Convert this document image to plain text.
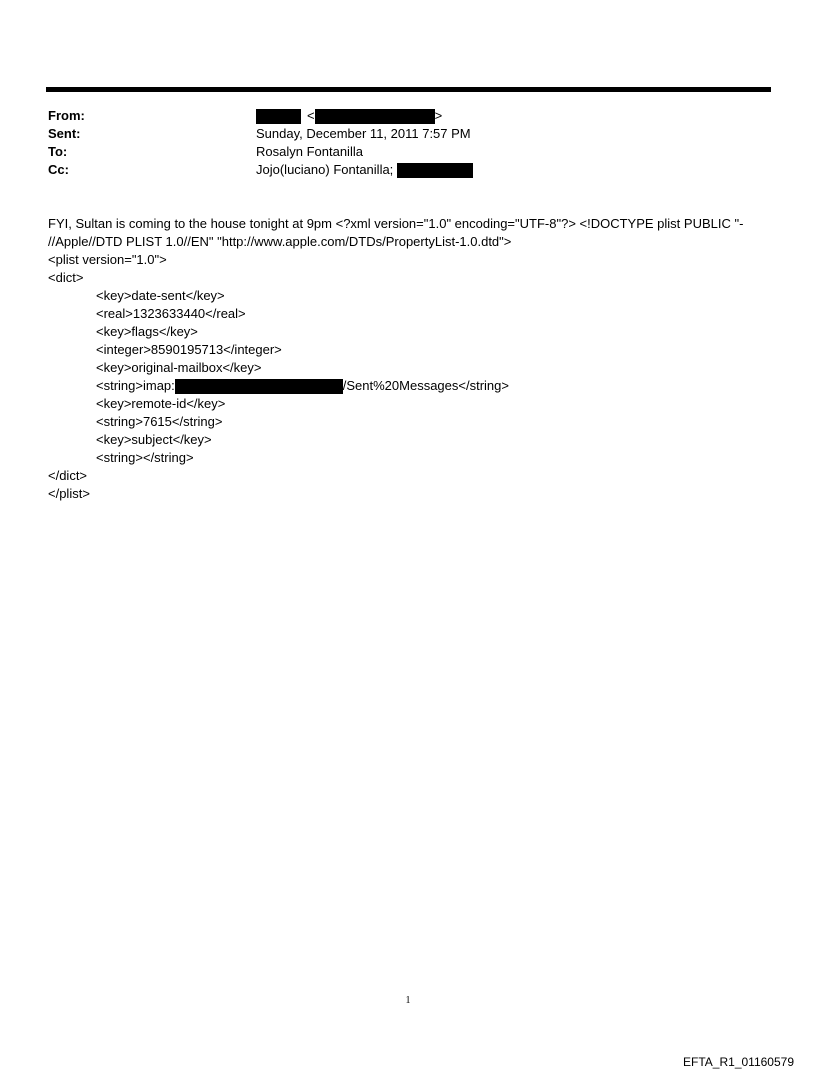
From:	<	>
Sent:	Sunday, December 11, 2011 7:57 PM
To:	Rosalyn Fontanilla
Cc:	Jojo(luciano) Fontanilla;

FYI, Sultan is coming to the house tonight at 9pm <?xml version="1.0" encoding="UTF-8"?> <!DOCTYPE plist PUBLIC "-

//Apple//DTD PLIST 1.0//EN" "http://www.apple.com/DTDs/PropertyList-1.0.dtd">

<plist version="1.0">

<dict>

<key>date-sent</key>

<real>1323633440</real>

<key>flags</key>

<integer>8590195713</integer>

<key>original-mailbox</key>

<string>imap:	/Sent%20Messages</string>

<key>remote-id</key>

<string>7615</string>

<key>subject</key>

<string></string>

</dict>

</plist>

1
EFTA_R1_01160579
